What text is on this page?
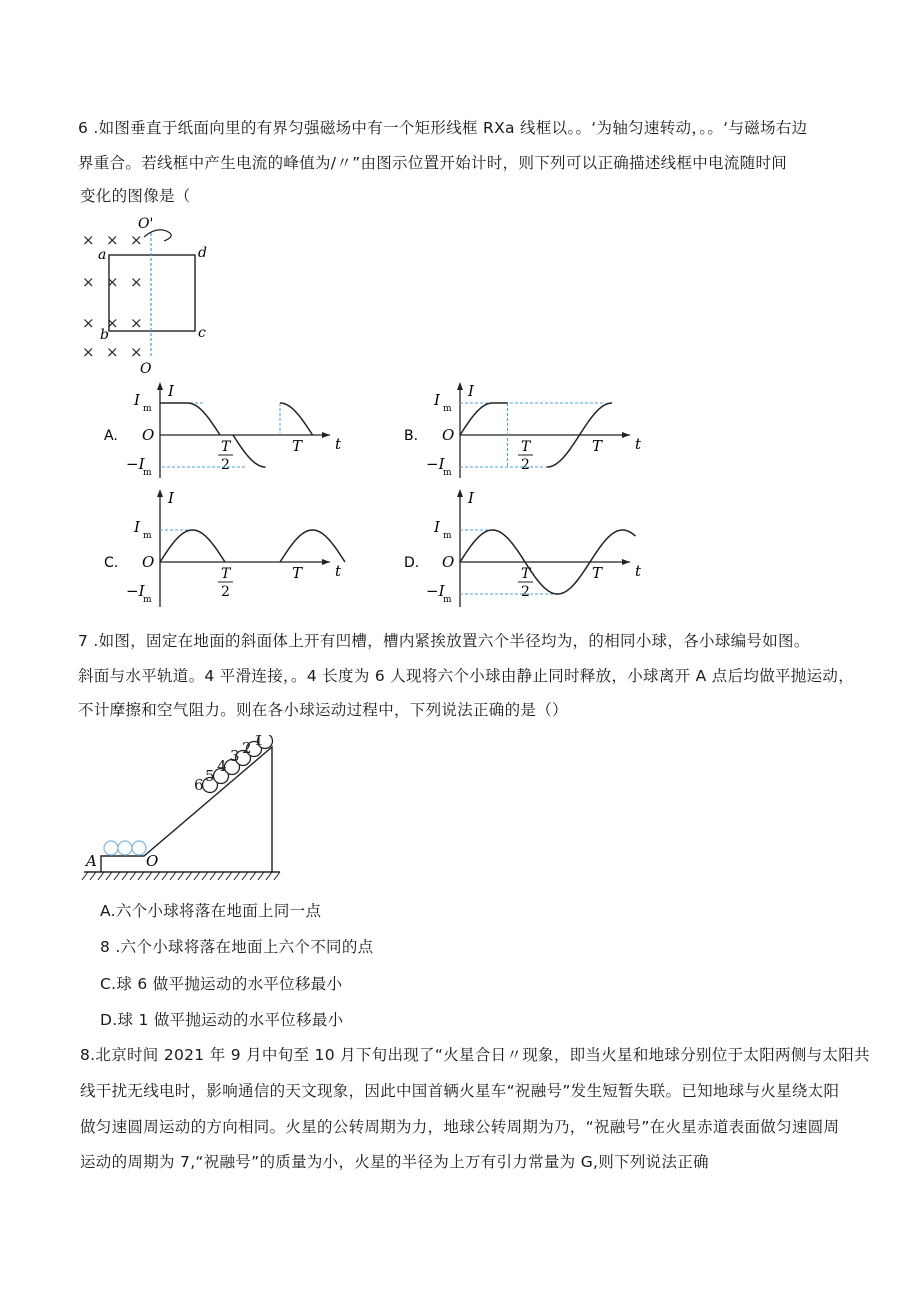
6 .如图垂直于纸面向里的有界匀强磁场中有一个矩形线框 RXa 线框以。。‘为轴匀速转动，。。‘与磁场右边
界重合。若线框中产生电流的峰值为/〃”由图示位置开始计时，则下列可以正确描述线框中电流随时间
变化的图像是（
× × ×
× × ×
× × ×
× × ×
O'
a	d
b	c
O
A.
I
O	t
I m
−I
m
T
2
T
B.
I
O	t
I m
−I
m
T
2
T
C.
I
O	t
I m
−I
m
T
2
T
D.
I
O	t
I m
−I
m
T
2
T
7 .如图，固定在地面的斜面体上开有凹槽，槽内紧挨放置六个半径均为，的相同小球，各小球编号如图。
斜面与水平轨道。4 平滑连接，。4 长度为 6 人现将六个小球由静止同时释放，小球离开 A 点后均做平抛运动，
不计摩擦和空气阻力。则在各小球运动过程中，下列说法正确的是（）
6 5
4
3 2 1
A	O
A.六个小球将落在地面上同一点
8 .六个小球将落在地面上六个不同的点
C.球 6 做平抛运动的水平位移最小
D.球 1 做平抛运动的水平位移最小
8.北京时间 2021 年 9 月中旬至 10 月下旬出现了“火星合日〃现象，即当火星和地球分别位于太阳两侧与太阳共
线干扰无线电时，影响通信的天文现象，因此中国首辆火星车“祝融号”发生短暂失联。已知地球与火星绕太阳
做匀速圆周运动的方向相同。火星的公转周期为力，地球公转周期为乃，“祝融号”在火星赤道表面做匀速圆周
运动的周期为 7,“祝融号”的质量为小，火星的半径为上万有引力常量为 G,则下列说法正确
